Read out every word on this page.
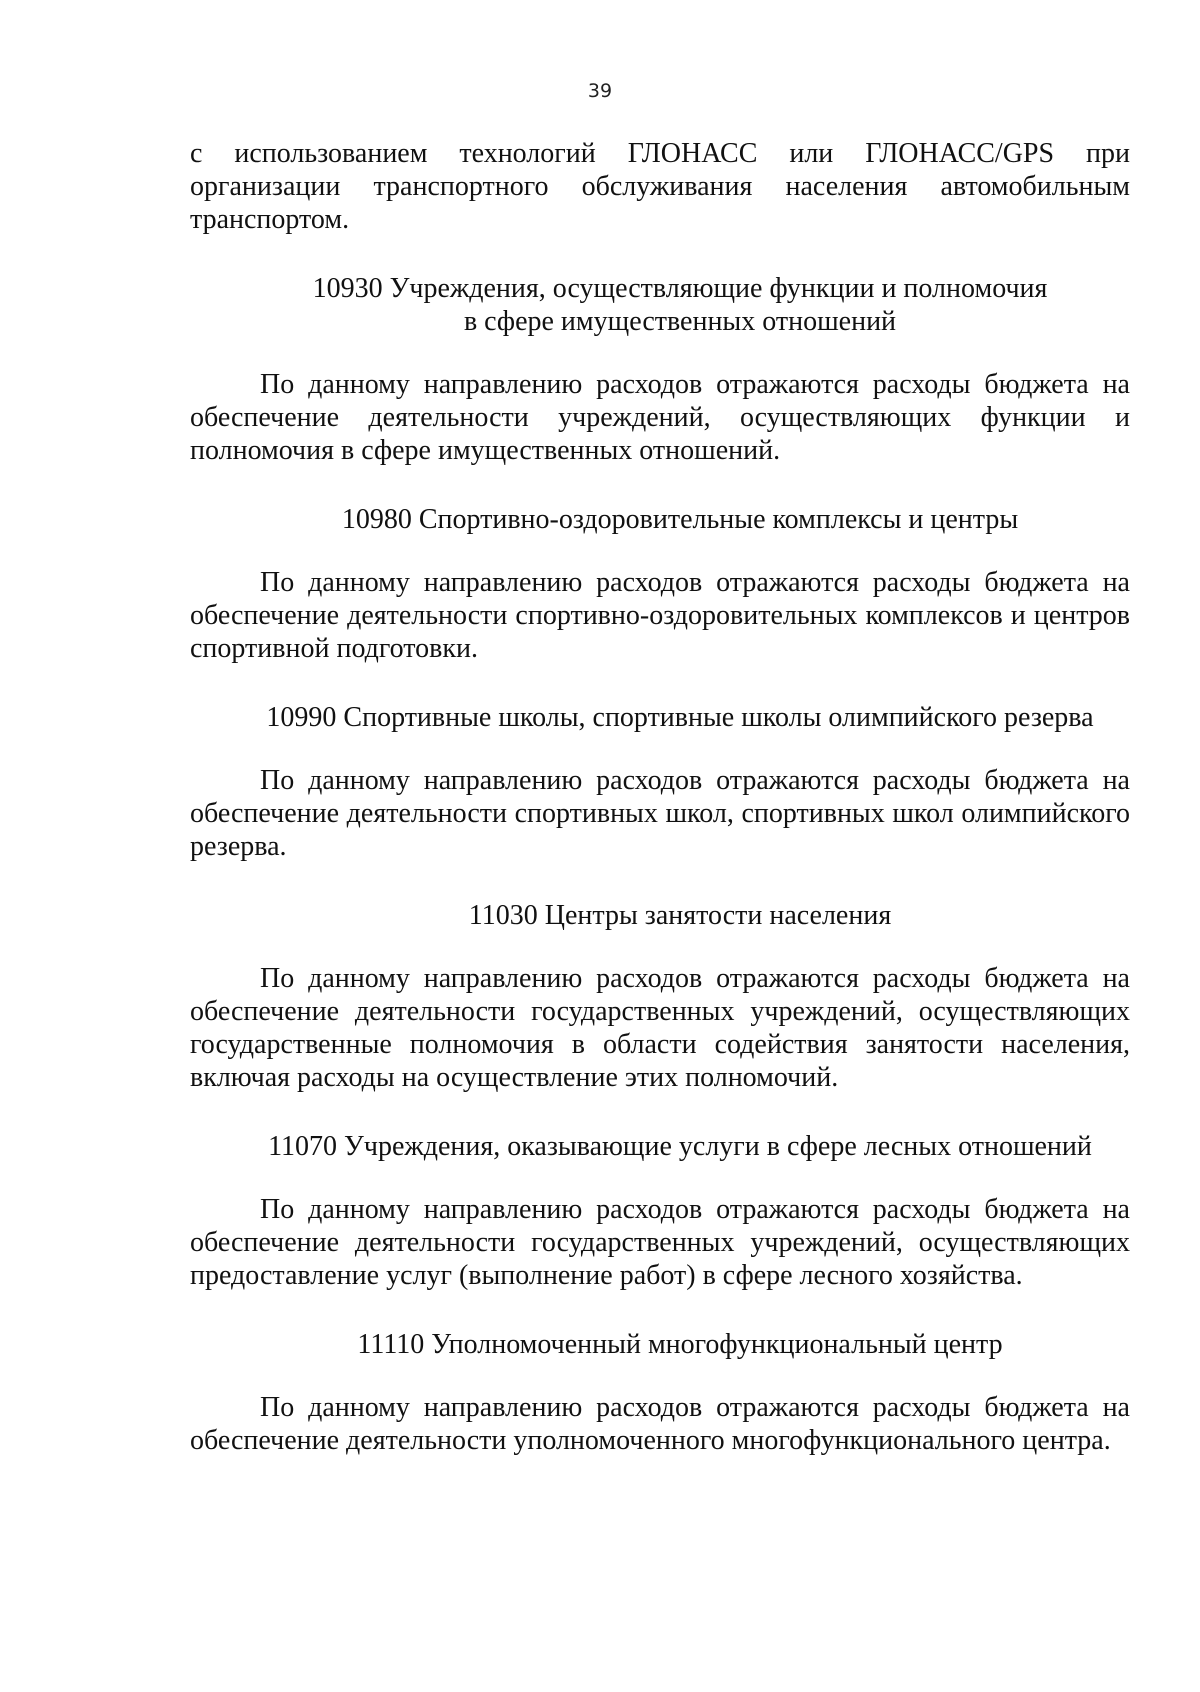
39

с использованием технологий ГЛОНАСС или ГЛОНАСС/GPS при организации транспортного обслуживания населения автомобильным транспортом.

10930 Учреждения, осуществляющие функции и полномочия
в сфере имущественных отношений

По данному направлению расходов отражаются расходы бюджета на обеспечение деятельности учреждений, осуществляющих функции и полномочия в сфере имущественных отношений.

10980 Спортивно-оздоровительные комплексы и центры

По данному направлению расходов отражаются расходы бюджета на обеспечение деятельности спортивно-оздоровительных комплексов и центров спортивной подготовки.

10990 Спортивные школы, спортивные школы олимпийского резерва

По данному направлению расходов отражаются расходы бюджета на обеспечение деятельности спортивных школ, спортивных школ олимпийского резерва.

11030 Центры занятости населения

По данному направлению расходов отражаются расходы бюджета на обеспечение деятельности государственных учреждений, осуществляющих государственные полномочия в области содействия занятости населения, включая расходы на осуществление этих полномочий.

11070 Учреждения, оказывающие услуги в сфере лесных отношений

По данному направлению расходов отражаются расходы бюджета на обеспечение деятельности государственных учреждений, осуществляющих предоставление услуг (выполнение работ) в сфере лесного хозяйства.

11110 Уполномоченный многофункциональный центр

По данному направлению расходов отражаются расходы бюджета на обеспечение деятельности уполномоченного многофункционального центра.
